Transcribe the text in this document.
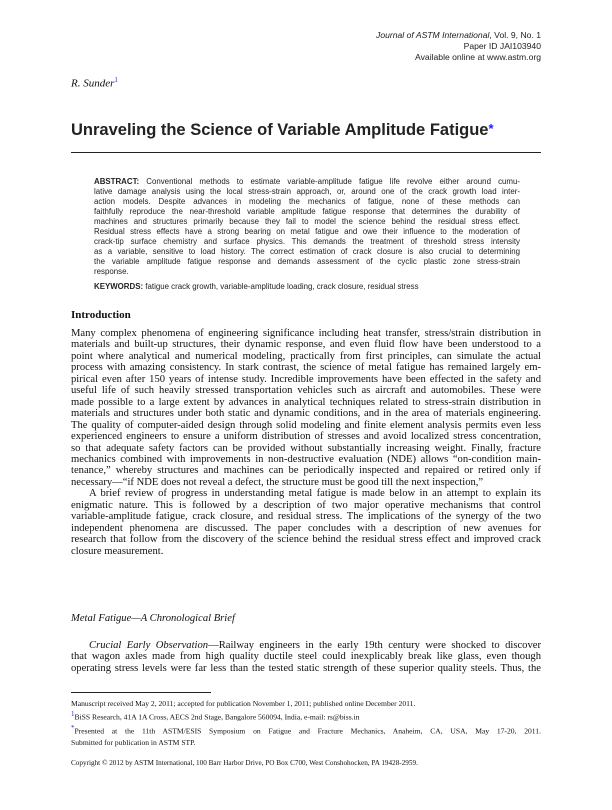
Journal of ASTM International, Vol. 9, No. 1
Paper ID JAI103940
Available online at www.astm.org
R. Sunder$^1$
Unraveling the Science of Variable Amplitude Fatigue*
ABSTRACT: Conventional methods to estimate variable-amplitude fatigue life revolve either around cumu-
lative damage analysis using the local stress-strain approach, or, around one of the crack growth load inter-
action models. Despite advances in modeling the mechanics of fatigue, none of these methods can
faithfully reproduce the near-threshold variable amplitude fatigue response that determines the durability of
machines and structures primarily because they fail to model the science behind the residual stress effect.
Residual stress effects have a strong bearing on metal fatigue and owe their influence to the moderation of
crack-tip surface chemistry and surface physics. This demands the treatment of threshold stress intensity
as a variable, sensitive to load history. The correct estimation of crack closure is also crucial to determining
the variable amplitude fatigue response and demands assessment of the cyclic plastic zone stress-strain
response.
KEYWORDS: fatigue crack growth, variable-amplitude loading, crack closure, residual stress
Introduction
Many complex phenomena of engineering significance including heat transfer, stress/strain distribution in
materials and built-up structures, their dynamic response, and even fluid flow have been understood to a
point where analytical and numerical modeling, practically from first principles, can simulate the actual
process with amazing consistency. In stark contrast, the science of metal fatigue has remained largely em-
pirical even after 150 years of intense study. Incredible improvements have been effected in the safety and
useful life of such heavily stressed transportation vehicles such as aircraft and automobiles. These were
made possible to a large extent by advances in analytical techniques related to stress-strain distribution in
materials and structures under both static and dynamic conditions, and in the area of materials engineering.
The quality of computer-aided design through solid modeling and finite element analysis permits even less
experienced engineers to ensure a uniform distribution of stresses and avoid localized stress concentration,
so that adequate safety factors can be provided without substantially increasing weight. Finally, fracture
mechanics combined with improvements in non-destructive evaluation (NDE) allows “on-condition main-
tenance,” whereby structures and machines can be periodically inspected and repaired or retired only if
necessary—“if NDE does not reveal a defect, the structure must be good till the next inspection,”
A brief review of progress in understanding metal fatigue is made below in an attempt to explain its
enigmatic nature. This is followed by a description of two major operative mechanisms that control
variable-amplitude fatigue, crack closure, and residual stress. The implications of the synergy of the two
independent phenomena are discussed. The paper concludes with a description of new avenues for
research that follow from the discovery of the science behind the residual stress effect and improved crack
closure measurement.
Metal Fatigue—A Chronological Brief
Crucial Early Observation—Railway engineers in the early 19th century were shocked to discover
that wagon axles made from high quality ductile steel could inexplicably break like glass, even though
operating stress levels were far less than the tested static strength of these superior quality steels. Thus, the
Manuscript received May 2, 2011; accepted for publication November 1, 2011; published online December 2011.
$^1$BiSS Research, 41A 1A Cross, AECS 2nd Stage, Bangalore 560094, India, e-mail: rs@biss.in
*Presented at the 11th ASTM/ESIS Symposium on Fatigue and Fracture Mechanics, Anaheim, CA, USA, May 17-20, 2011.
Submitted for publication in ASTM STP.
Copyright © 2012 by ASTM International, 100 Barr Harbor Drive, PO Box C700, West Conshohocken, PA 19428-2959.
